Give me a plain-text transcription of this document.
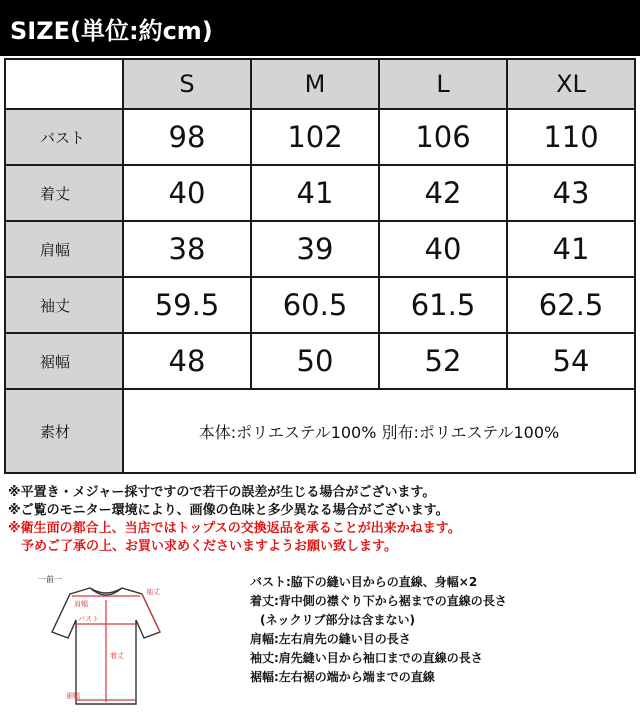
SIZE(単位:約cm)
	S	M	L	XL
バスト	98	102	106	110
着丈	40	41	42	43
肩幅	38	39	40	41
袖丈	59.5	60.5	61.5	62.5
裾幅	48	50	52	54
素材	本体:ポリエステル100% 別布:ポリエステル100%			
※平置き・メジャー採寸ですので若干の誤差が生じる場合がございます。
※ご覧のモニター環境により、画像の色味と多少異なる場合がございます。
※衛生面の都合上、当店ではトップスの交換返品を承ることが出来かねます。
予めご了承の上、お買い求めくださいますようお願い致します。
一前一
肩幅
袖丈
バスト
着丈
裾幅
バスト:脇下の縫い目からの直線、身幅×2
着丈:背中側の襟ぐり下から裾までの直線の長さ
(ネックリブ部分は含まない)
肩幅:左右肩先の縫い目の長さ
袖丈:肩先縫い目から袖口までの直線の長さ
裾幅:左右裾の端から端までの直線
